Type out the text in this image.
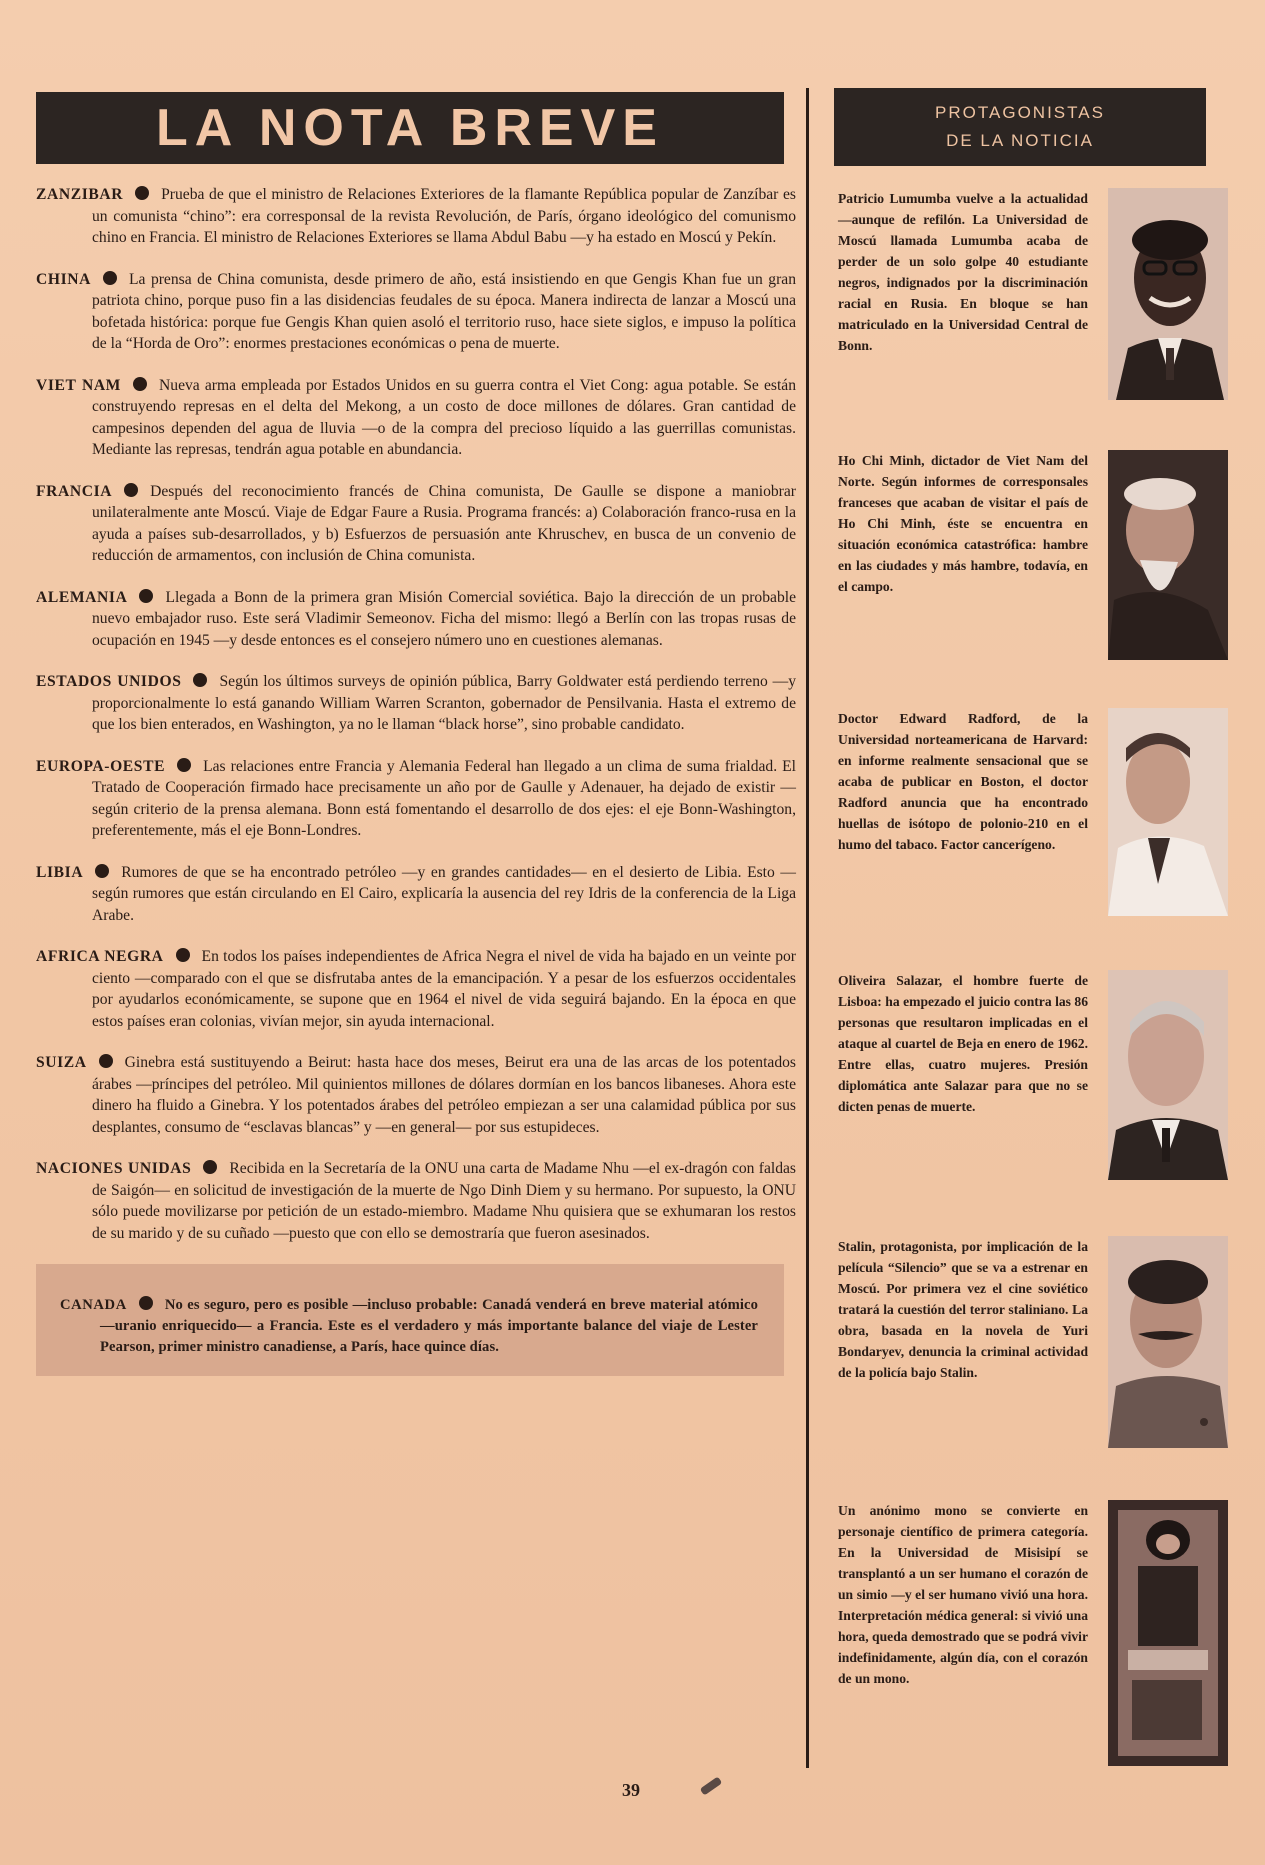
LA NOTA BREVE

ZANZIBAR Prueba de que el ministro de Relaciones Exteriores de la flamante República popular de Zanzíbar es un comunista “chino”: era corresponsal de la revista Revolución, de París, órgano ideológico del comunismo chino en Francia. El ministro de Relaciones Exteriores se llama Abdul Babu —y ha estado en Moscú y Pekín.

CHINA La prensa de China comunista, desde primero de año, está insistiendo en que Gengis Khan fue un gran patriota chino, porque puso fin a las disidencias feudales de su época. Manera indirecta de lanzar a Moscú una bofetada histórica: porque fue Gengis Khan quien asoló el territorio ruso, hace siete siglos, e impuso la política de la “Horda de Oro”: enormes prestaciones económicas o pena de muerte.

VIET NAM Nueva arma empleada por Estados Unidos en su guerra contra el Viet Cong: agua potable. Se están construyendo represas en el delta del Mekong, a un costo de doce millones de dólares. Gran cantidad de campesinos dependen del agua de lluvia —o de la compra del precioso líquido a las guerrillas comunistas. Mediante las represas, tendrán agua potable en abundancia.

FRANCIA Después del reconocimiento francés de China comunista, De Gaulle se dispone a maniobrar unilateralmente ante Moscú. Viaje de Edgar Faure a Rusia. Programa francés: a) Colaboración franco-rusa en la ayuda a países sub-desarrollados, y b) Esfuerzos de persuasión ante Khruschev, en busca de un convenio de reducción de armamentos, con inclusión de China comunista.

ALEMANIA Llegada a Bonn de la primera gran Misión Comercial soviética. Bajo la dirección de un probable nuevo embajador ruso. Este será Vladimir Semeonov. Ficha del mismo: llegó a Berlín con las tropas rusas de ocupación en 1945 —y desde entonces es el consejero número uno en cuestiones alemanas.

ESTADOS UNIDOS Según los últimos surveys de opinión pública, Barry Goldwater está perdiendo terreno —y proporcionalmente lo está ganando William Warren Scranton, gobernador de Pensilvania. Hasta el extremo de que los bien enterados, en Washington, ya no le llaman “black horse”, sino probable candidato.

EUROPA-OESTE Las relaciones entre Francia y Alemania Federal han llegado a un clima de suma frialdad. El Tratado de Cooperación firmado hace precisamente un año por de Gaulle y Adenauer, ha dejado de existir —según criterio de la prensa alemana. Bonn está fomentando el desarrollo de dos ejes: el eje Bonn-Washington, preferentemente, más el eje Bonn-Londres.

LIBIA Rumores de que se ha encontrado petróleo —y en grandes cantidades— en el desierto de Libia. Esto —según rumores que están circulando en El Cairo, explicaría la ausencia del rey Idris de la conferencia de la Liga Arabe.

AFRICA NEGRA En todos los países independientes de Africa Negra el nivel de vida ha bajado en un veinte por ciento —comparado con el que se disfrutaba antes de la emancipación. Y a pesar de los esfuerzos occidentales por ayudarlos económicamente, se supone que en 1964 el nivel de vida seguirá bajando. En la época en que estos países eran colonias, vivían mejor, sin ayuda internacional.

SUIZA Ginebra está sustituyendo a Beirut: hasta hace dos meses, Beirut era una de las arcas de los potentados árabes —príncipes del petróleo. Mil quinientos millones de dólares dormían en los bancos libaneses. Ahora este dinero ha fluido a Ginebra. Y los potentados árabes del petróleo empiezan a ser una calamidad pública por sus desplantes, consumo de “esclavas blancas” y —en general— por sus estupideces.

NACIONES UNIDAS Recibida en la Secretaría de la ONU una carta de Madame Nhu —el ex-dragón con faldas de Saigón— en solicitud de investigación de la muerte de Ngo Dinh Diem y su hermano. Por supuesto, la ONU sólo puede movilizarse por petición de un estado-miembro. Madame Nhu quisiera que se exhumaran los restos de su marido y de su cuñado —puesto que con ello se demostraría que fueron asesinados.

CANADA	No es seguro, pero es posible —incluso probable: Canadá venderá en breve material atómico —uranio enriquecido— a Francia. Este es el verdadero y más importante balance del viaje de Lester Pearson, primer ministro canadiense, a París, hace quince días.

PROTAGONISTAS
DE LA NOTICIA
Patricio Lumumba vuelve a la actualidad —aunque de refilón. La Universidad de Moscú llamada Lumumba acaba de perder de un solo golpe 40 estudiante negros, indignados por la discriminación racial en Rusia. En bloque se han matriculado en la Universidad Central de Bonn.
Ho Chi Minh, dictador de Viet Nam del Norte. Según informes de corresponsales franceses que acaban de visitar el país de Ho Chi Minh, éste se encuentra en situación económica catastrófica: hambre en las ciudades y más hambre, todavía, en el campo.
Doctor Edward Radford, de la Universidad norteamericana de Harvard: en informe realmente sensacional que se acaba de publicar en Boston, el doctor Radford anuncia que ha encontrado huellas de isótopo de polonio-210 en el humo del tabaco. Factor cancerígeno.
Oliveira Salazar, el hombre fuerte de Lisboa: ha empezado el juicio contra las 86 personas que resultaron implicadas en el ataque al cuartel de Beja en enero de 1962. Entre ellas, cuatro mujeres. Presión diplomática ante Salazar para que no se dicten penas de muerte.
Stalin, protagonista, por implicación de la película “Silencio” que se va a estrenar en Moscú. Por primera vez el cine soviético tratará la cuestión del terror staliniano. La obra, basada en la novela de Yuri Bondaryev, denuncia la criminal actividad de la policía bajo Stalin.
Un anónimo mono se convierte en personaje científico de primera categoría. En la Universidad de Misisipí se transplantó a un ser humano el corazón de un simio —y el ser humano vivió una hora. Interpretación médica general: si vivió una hora, queda demostrado que se podrá vivir indefinidamente, algún día, con el corazón de un mono.
39
